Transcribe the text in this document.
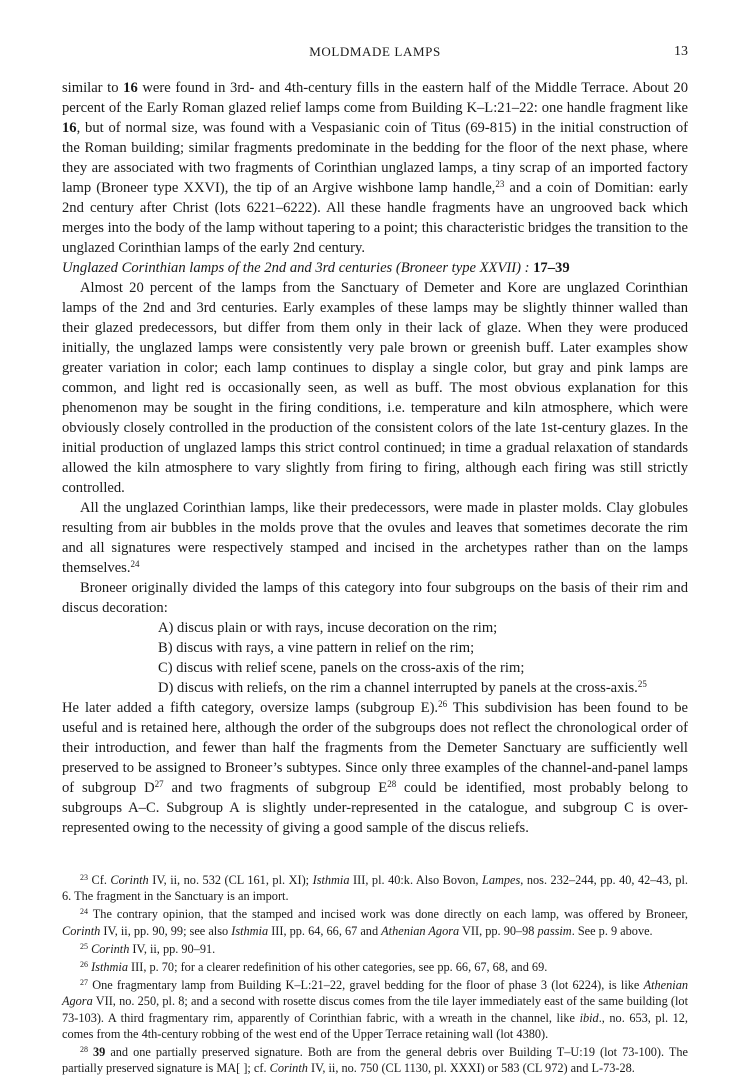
MOLDMADE LAMPS	13

similar to 16 were found in 3rd- and 4th-century fills in the eastern half of the Middle Terrace. About 20 percent of the Early Roman glazed relief lamps come from Building K–L:21–22: one handle fragment like 16, but of normal size, was found with a Vespasianic coin of Titus (69-815) in the initial construction of the Roman building; similar fragments predominate in the bedding for the floor of the next phase, where they are associated with two fragments of Corinthian unglazed lamps, a tiny scrap of an imported factory lamp (Broneer type XXVI), the tip of an Argive wishbone lamp handle,$^{23}$ and a coin of Domitian: early 2nd century after Christ (lots 6221–6222). All these handle fragments have an ungrooved back which merges into the body of the lamp without tapering to a point; this characteristic bridges the transition to the unglazed Corinthian lamps of the early 2nd century.

Unglazed Corinthian lamps of the 2nd and 3rd centuries (Broneer type XXVII) : 17–39

Almost 20 percent of the lamps from the Sanctuary of Demeter and Kore are unglazed Corinthian lamps of the 2nd and 3rd centuries. Early examples of these lamps may be slightly thinner walled than their glazed predecessors, but differ from them only in their lack of glaze. When they were produced initially, the unglazed lamps were consistently very pale brown or greenish buff. Later examples show greater variation in color; each lamp continues to display a single color, but gray and pink lamps are common, and light red is occasionally seen, as well as buff. The most obvious explanation for this phenomenon may be sought in the firing conditions, i.e. temperature and kiln atmosphere, which were obviously closely controlled in the production of the consistent colors of the late 1st-century glazes. In the initial production of unglazed lamps this strict control continued; in time a gradual relaxation of standards allowed the kiln atmosphere to vary slightly from firing to firing, although each firing was still strictly controlled.

All the unglazed Corinthian lamps, like their predecessors, were made in plaster molds. Clay globules resulting from air bubbles in the molds prove that the ovules and leaves that sometimes decorate the rim and all signatures were respectively stamped and incised in the archetypes rather than on the lamps themselves.$^{24}$

Broneer originally divided the lamps of this category into four subgroups on the basis of their rim and discus decoration:

A) discus plain or with rays, incuse decoration on the rim;
B) discus with rays, a vine pattern in relief on the rim;
C) discus with relief scene, panels on the cross-axis of the rim;
D) discus with reliefs, on the rim a channel interrupted by panels at the cross-axis.$^{25}$

He later added a fifth category, oversize lamps (subgroup E).$^{26}$ This subdivision has been found to be useful and is retained here, although the order of the subgroups does not reflect the chronological order of their introduction, and fewer than half the fragments from the Demeter Sanctuary are sufficiently well preserved to be assigned to Broneer’s subtypes. Since only three examples of the channel-and-panel lamps of subgroup $D^{27}$ and two fragments of subgroup $E^{28}$ could be identified, most probably belong to subgroups A–C. Subgroup A is slightly under-represented in the catalogue, and subgroup C is over-represented owing to the necessity of giving a good sample of the discus reliefs.

$^{23}$ Cf. Corinth IV, ii, no. 532 (CL 161, pl. XI); Isthmia III, pl. 40:k. Also Bovon, Lampes, nos. 232–244, pp. 40, 42–43, pl. 6. The fragment in the Sanctuary is an import.

$^{24}$ The contrary opinion, that the stamped and incised work was done directly on each lamp, was offered by Broneer, Corinth IV, ii, pp. 90, 99; see also Isthmia III, pp. 64, 66, 67 and Athenian Agora VII, pp. 90–98 passim. See p. 9 above.

$^{25}$ Corinth IV, ii, pp. 90–91.

$^{26}$ Isthmia III, p. 70; for a clearer redefinition of his other categories, see pp. 66, 67, 68, and 69.

$^{27}$ One fragmentary lamp from Building K–L:21–22, gravel bedding for the floor of phase 3 (lot 6224), is like Athenian Agora VII, no. 250, pl. 8; and a second with rosette discus comes from the tile layer immediately east of the same building (lot 73-103). A third fragmentary rim, apparently of Corinthian fabric, with a wreath in the channel, like ibid., no. 653, pl. 12, comes from the 4th-century robbing of the west end of the Upper Terrace retaining wall (lot 4380).

$^{28}$ 39 and one partially preserved signature. Both are from the general debris over Building T–U:19 (lot 73-100). The partially preserved signature is MA[ ]; cf. Corinth IV, ii, no. 750 (CL 1130, pl. XXXI) or 583 (CL 972) and L-73-28.
